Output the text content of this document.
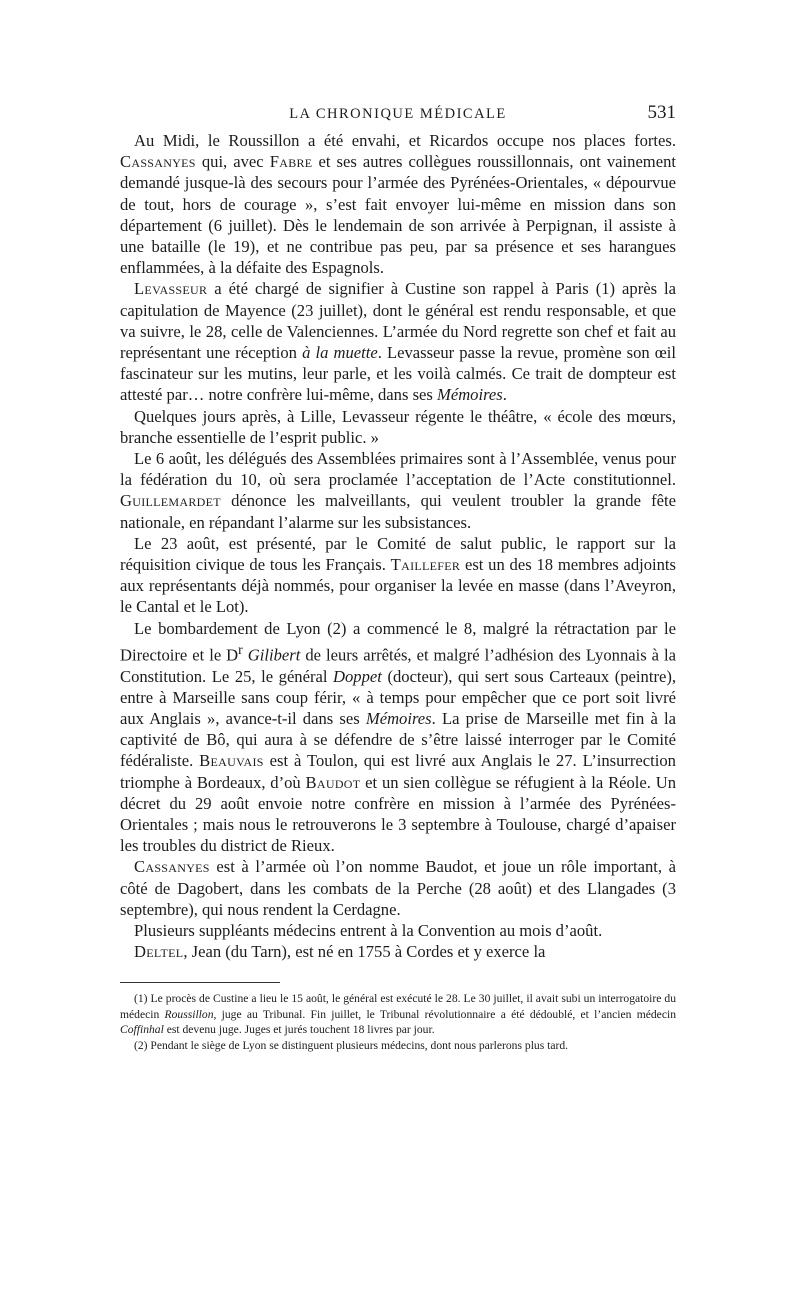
LA CHRONIQUE MÉDICALE	531

Au Midi, le Roussillon a été envahi, et Ricardos occupe nos places fortes. Cassanyes qui, avec Fabre et ses autres collègues roussillonnais, ont vainement demandé jusque-là des secours pour l’armée des Pyrénées-Orientales, « dépourvue de tout, hors de courage », s’est fait envoyer lui-même en mission dans son département (6 juillet). Dès le lendemain de son arrivée à Perpignan, il assiste à une bataille (le 19), et ne contribue pas peu, par sa présence et ses harangues enflammées, à la défaite des Espagnols.

Levasseur a été chargé de signifier à Custine son rappel à Paris (1) après la capitulation de Mayence (23 juillet), dont le général est rendu responsable, et que va suivre, le 28, celle de Valenciennes. L’armée du Nord regrette son chef et fait au représentant une réception à la muette. Levasseur passe la revue, promène son œil fascinateur sur les mutins, leur parle, et les voilà calmés. Ce trait de dompteur est attesté par… notre confrère lui-même, dans ses Mémoires.

Quelques jours après, à Lille, Levasseur régente le théâtre, « école des mœurs, branche essentielle de l’esprit public. »

Le 6 août, les délégués des Assemblées primaires sont à l’Assemblée, venus pour la fédération du 10, où sera proclamée l’acceptation de l’Acte constitutionnel. Guillemardet dénonce les malveillants, qui veulent troubler la grande fête nationale, en répandant l’alarme sur les subsistances.

Le 23 août, est présenté, par le Comité de salut public, le rapport sur la réquisition civique de tous les Français. Taillefer est un des 18 membres adjoints aux représentants déjà nommés, pour organiser la levée en masse (dans l’Aveyron, le Cantal et le Lot).

Le bombardement de Lyon (2) a commencé le 8, malgré la rétractation par le Directoire et le $D^r$ Gilibert de leurs arrêtés, et malgré l’adhésion des Lyonnais à la Constitution. Le 25, le général Doppet (docteur), qui sert sous Carteaux (peintre), entre à Marseille sans coup férir, « à temps pour empêcher que ce port soit livré aux Anglais », avance-t-il dans ses Mémoires. La prise de Marseille met fin à la captivité de Bô, qui aura à se défendre de s’être laissé interroger par le Comité fédéraliste. Beauvais est à Toulon, qui est livré aux Anglais le 27. L’insurrection triomphe à Bordeaux, d’où Baudot et un sien collègue se réfugient à la Réole. Un décret du 29 août envoie notre confrère en mission à l’armée des Pyrénées-Orientales ; mais nous le retrouverons le 3 septembre à Toulouse, chargé d’apaiser les troubles du district de Rieux.

Cassanyes est à l’armée où l’on nomme Baudot, et joue un rôle important, à côté de Dagobert, dans les combats de la Perche (28 août) et des Llangades (3 septembre), qui nous rendent la Cerdagne.

Plusieurs suppléants médecins entrent à la Convention au mois d’août.

Deltel, Jean (du Tarn), est né en 1755 à Cordes et y exerce la

(1) Le procès de Custine a lieu le 15 août, le général est exécuté le 28. Le 30 juillet, il avait subi un interrogatoire du médecin Roussillon, juge au Tribunal. Fin juillet, le Tribunal révolutionnaire a été dédoublé, et l’ancien médecin Coffinhal est devenu juge. Juges et jurés touchent 18 livres par jour.

(2) Pendant le siège de Lyon se distinguent plusieurs médecins, dont nous parlerons plus tard.
